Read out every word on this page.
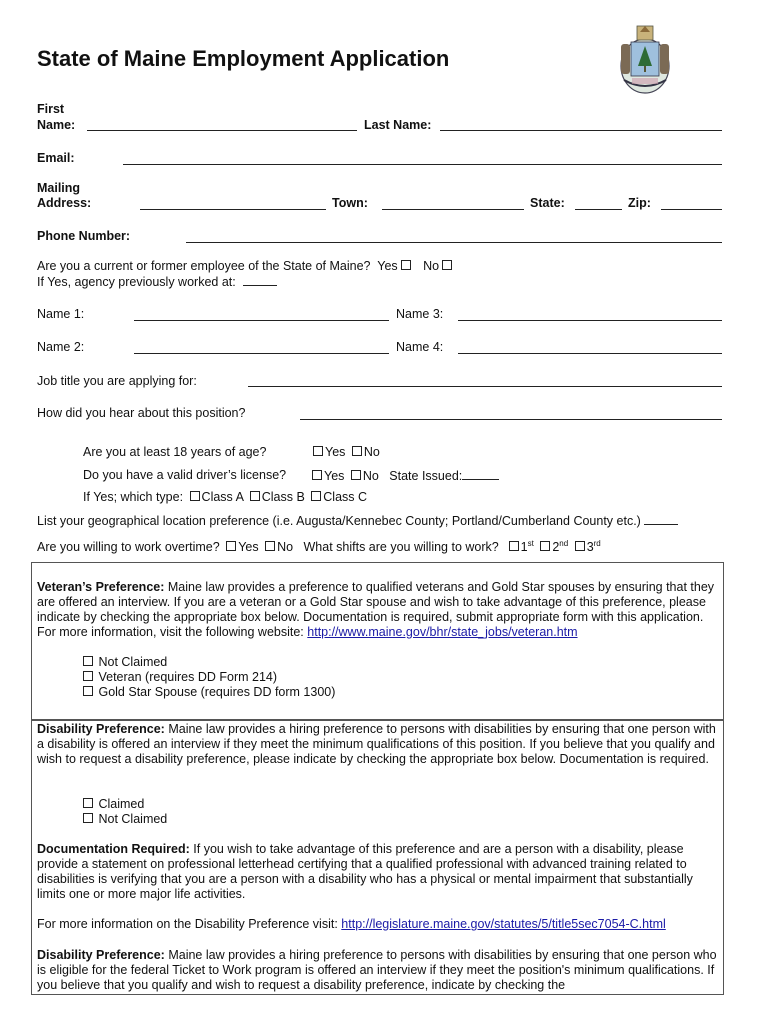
State of Maine Employment Application
First
Name:	Last Name:
Email:
Mailing
Address:	Town:	State:	Zip:
Phone Number:
Are you a current or former employee of the State of Maine? Yes No
If Yes, agency previously worked at:
Name 1:	Name 3:
Name 2:	Name 4:
Job title you are applying for:
How did you hear about this position?
Are you at least 18 years of age?	Yes No
Do you have a valid driver’s license?	Yes No State Issued:
If Yes; which type: Class A Class B Class C
List your geographical location preference (i.e. Augusta/Kennebec County; Portland/Cumberland County etc.)
Are you willing to work overtime? Yes No What shifts are you willing to work? 1st 2nd 3rd
Veteran’s Preference: Maine law provides a preference to qualified veterans and Gold Star spouses by ensuring that they are offered an interview. If you are a veteran or a Gold Star spouse and wish to take advantage of this preference, please indicate by checking the appropriate box below. Documentation is required, submit appropriate form with this application. For more information, visit the following website: http://www.maine.gov/bhr/state_jobs/veteran.htm
Not Claimed
Veteran (requires DD Form 214)
Gold Star Spouse (requires DD form 1300)
Disability Preference: Maine law provides a hiring preference to persons with disabilities by ensuring that one person with a disability is offered an interview if they meet the minimum qualifications of this position. If you believe that you qualify and wish to request a disability preference, please indicate by checking the appropriate box below. Documentation is required.
Claimed
Not Claimed
Documentation Required: If you wish to take advantage of this preference and are a person with a disability, please provide a statement on professional letterhead certifying that a qualified professional with advanced training related to disabilities is verifying that you are a person with a disability who has a physical or mental impairment that substantially limits one or more major life activities.
For more information on the Disability Preference visit: http://legislature.maine.gov/statutes/5/title5sec7054-C.html
Disability Preference: Maine law provides a hiring preference to persons with disabilities by ensuring that one person who is eligible for the federal Ticket to Work program is offered an interview if they meet the position's minimum qualifications. If you believe that you qualify and wish to request a disability preference, indicate by checking the
